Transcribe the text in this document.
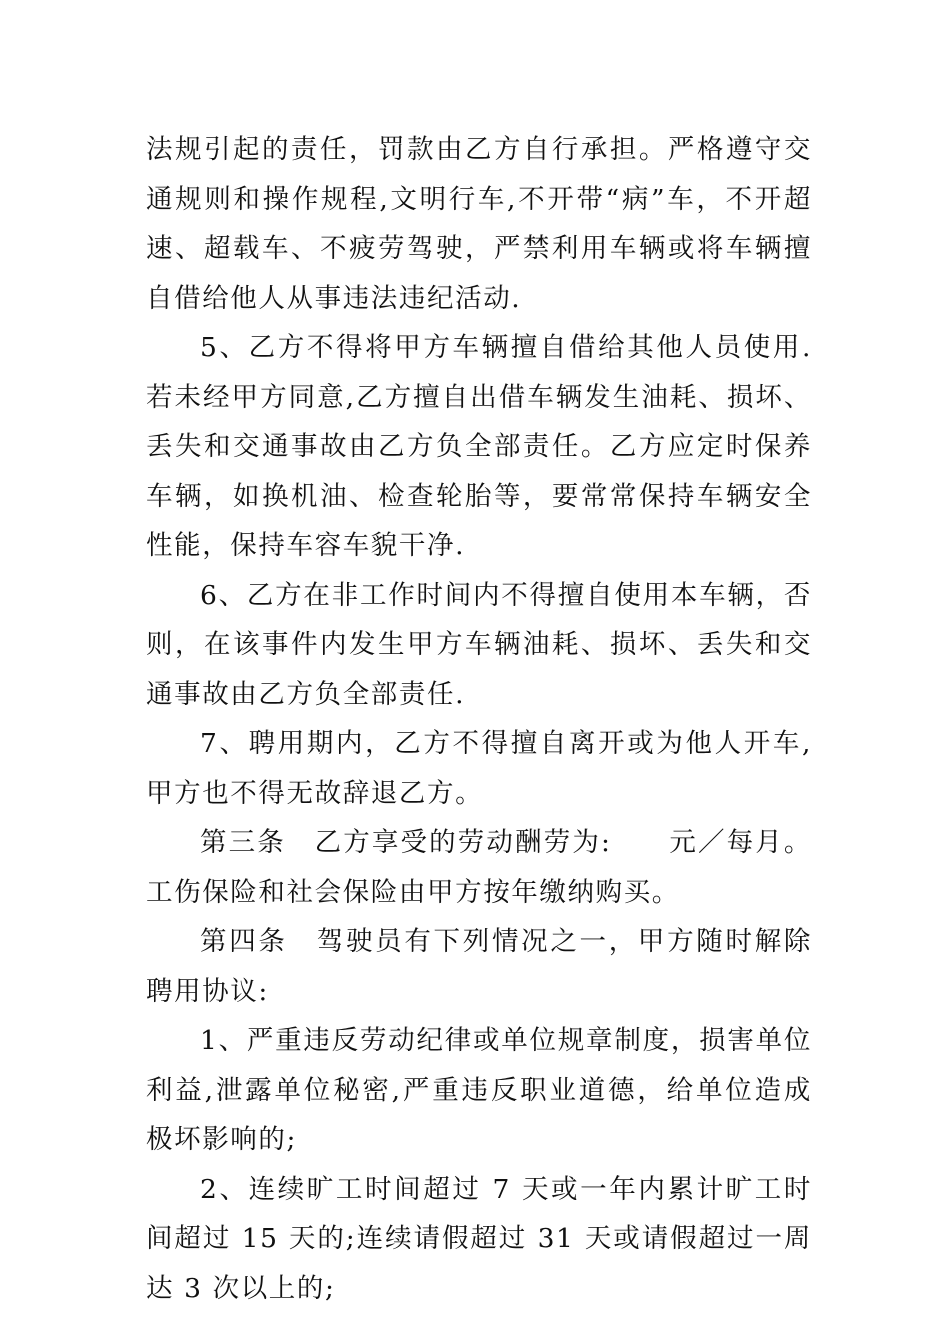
法规引起的责任，罚款由乙方自行承担。严格遵守交通规则和操作规程,文明行车,不开带“病”车，不开超速、超载车、不疲劳驾驶，严禁利用车辆或将车辆擅自借给他人从事违法违纪活动.

5、乙方不得将甲方车辆擅自借给其他人员使用.若未经甲方同意,乙方擅自出借车辆发生油耗、损坏、丢失和交通事故由乙方负全部责任。乙方应定时保养车辆，如换机油、检查轮胎等，要常常保持车辆安全性能，保持车容车貌干净.

6、乙方在非工作时间内不得擅自使用本车辆，否则，在该事件内发生甲方车辆油耗、损坏、丢失和交通事故由乙方负全部责任.

7、聘用期内，乙方不得擅自离开或为他人开车,甲方也不得无故辞退乙方。

第三条　乙方享受的劳动酬劳为:　　元／每月。工伤保险和社会保险由甲方按年缴纳购买。

第四条　驾驶员有下列情况之一，甲方随时解除聘用协议:

1、严重违反劳动纪律或单位规章制度，损害单位利益,泄露单位秘密,严重违反职业道德，给单位造成极坏影响的;

2、连续旷工时间超过 7 天或一年内累计旷工时间超过 15 天的;连续请假超过 31 天或请假超过一周达 3 次以上的;
